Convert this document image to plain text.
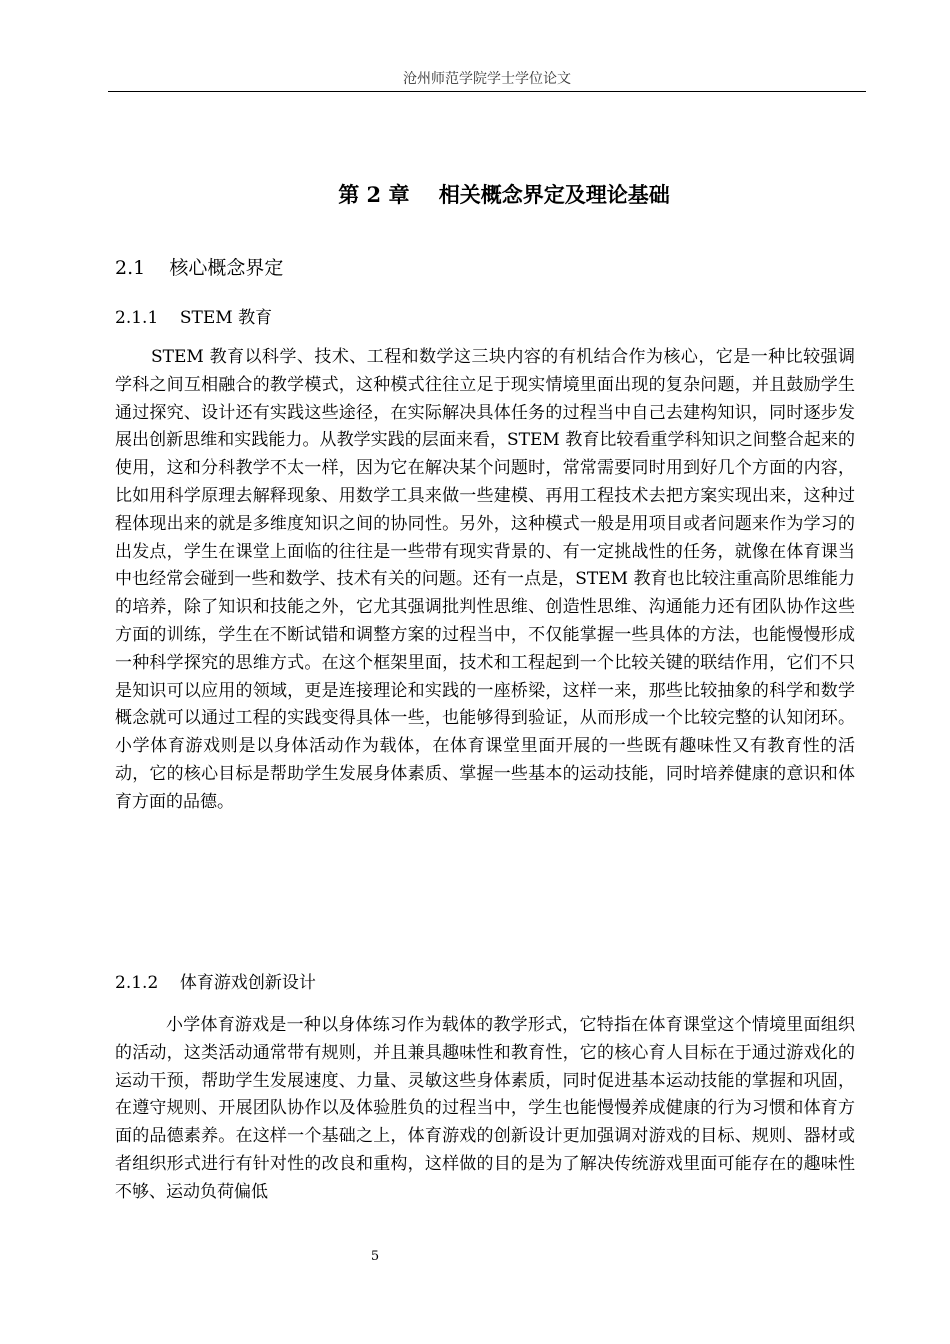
沧州师范学院学士学位论文
第 2 章    相关概念界定及理论基础
2.1    核心概念界定
2.1.1    STEM 教育

STEM 教育以科学、技术、工程和数学这三块内容的有机结合作为核心，它是一种比较强调学科之间互相融合的教学模式，这种模式往往立足于现实情境里面出现的复杂问题，并且鼓励学生通过探究、设计还有实践这些途径，在实际解决具体任务的过程当中自己去建构知识，同时逐步发展出创新思维和实践能力。从教学实践的层面来看，STEM 教育比较看重学科知识之间整合起来的使用，这和分科教学不太一样，因为它在解决某个问题时，常常需要同时用到好几个方面的内容，比如用科学原理去解释现象、用数学工具来做一些建模、再用工程技术去把方案实现出来，这种过程体现出来的就是多维度知识之间的协同性。另外，这种模式一般是用项目或者问题来作为学习的出发点，学生在课堂上面临的往往是一些带有现实背景的、有一定挑战性的任务，就像在体育课当中也经常会碰到一些和数学、技术有关的问题。还有一点是，STEM 教育也比较注重高阶思维能力的培养，除了知识和技能之外，它尤其强调批判性思维、创造性思维、沟通能力还有团队协作这些方面的训练，学生在不断试错和调整方案的过程当中，不仅能掌握一些具体的方法，也能慢慢形成一种科学探究的思维方式。在这个框架里面，技术和工程起到一个比较关键的联结作用，它们不只是知识可以应用的领域，更是连接理论和实践的一座桥梁，这样一来，那些比较抽象的科学和数学概念就可以通过工程的实践变得具体一些，也能够得到验证，从而形成一个比较完整的认知闭环。小学体育游戏则是以身体活动作为载体，在体育课堂里面开展的一些既有趣味性又有教育性的活动，它的核心目标是帮助学生发展身体素质、掌握一些基本的运动技能，同时培养健康的意识和体育方面的品德。

2.1.2    体育游戏创新设计

小学体育游戏是一种以身体练习作为载体的教学形式，它特指在体育课堂这个情境里面组织的活动，这类活动通常带有规则，并且兼具趣味性和教育性，它的核心育人目标在于通过游戏化的运动干预，帮助学生发展速度、力量、灵敏这些身体素质，同时促进基本运动技能的掌握和巩固，在遵守规则、开展团队协作以及体验胜负的过程当中，学生也能慢慢养成健康的行为习惯和体育方面的品德素养。在这样一个基础之上，体育游戏的创新设计更加强调对游戏的目标、规则、器材或者组织形式进行有针对性的改良和重构，这样做的目的是为了解决传统游戏里面可能存在的趣味性不够、运动负荷偏低

5
